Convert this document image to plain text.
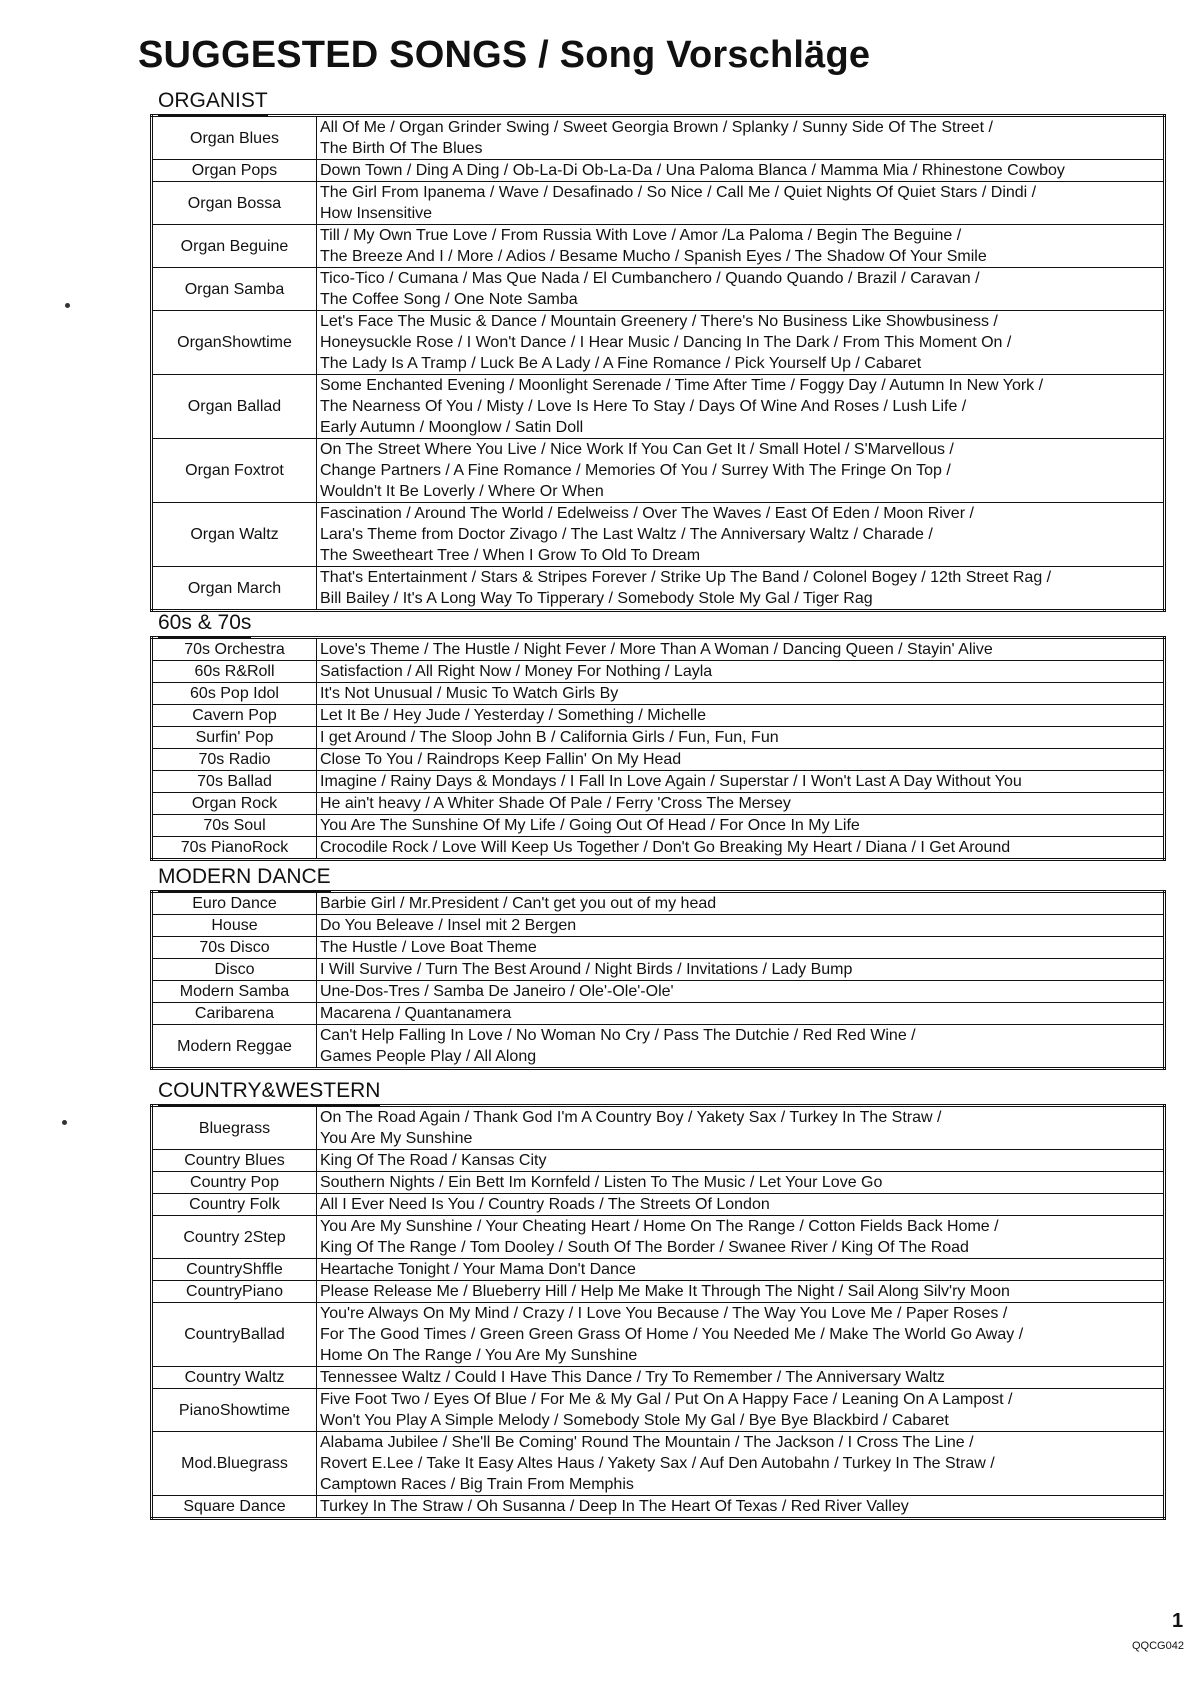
SUGGESTED SONGS / Song Vorschläge
ORGANIST
Organ Blues	All Of Me / Organ Grinder Swing / Sweet Georgia Brown / Splanky / Sunny Side Of The Street /
The Birth Of The Blues

Organ Pops	Down Town / Ding A Ding / Ob-La-Di Ob-La-Da / Una Paloma Blanca / Mamma Mia / Rhinestone Cowboy

Organ Bossa	The Girl From Ipanema / Wave / Desafinado / So Nice / Call Me / Quiet Nights Of Quiet Stars / Dindi /
How Insensitive

Organ Beguine	Till / My Own True Love / From Russia With Love / Amor /La Paloma / Begin The Beguine /
The Breeze And I / More / Adios / Besame Mucho / Spanish Eyes / The Shadow Of Your Smile

Organ Samba	Tico-Tico / Cumana / Mas Que Nada / El Cumbanchero / Quando Quando / Brazil / Caravan /
The Coffee Song / One Note Samba

OrganShowtime	Let's Face The Music & Dance / Mountain Greenery / There's No Business Like Showbusiness /
Honeysuckle Rose / I Won't Dance / I Hear Music / Dancing In The Dark / From This Moment On /
The Lady Is A Tramp / Luck Be A Lady / A Fine Romance / Pick Yourself Up / Cabaret

Organ Ballad	Some Enchanted Evening / Moonlight Serenade / Time After Time / Foggy Day / Autumn In New York /
The Nearness Of You / Misty / Love Is Here To Stay / Days Of Wine And Roses / Lush Life /
Early Autumn / Moonglow / Satin Doll

Organ Foxtrot	On The Street Where You Live / Nice Work If You Can Get It / Small Hotel / S'Marvellous /
Change Partners / A Fine Romance / Memories Of You / Surrey With The Fringe On Top /
Wouldn't It Be Loverly / Where Or When

Organ Waltz	Fascination / Around The World / Edelweiss / Over The Waves / East Of Eden / Moon River /
Lara's Theme from Doctor Zivago / The Last Waltz / The Anniversary Waltz / Charade /
The Sweetheart Tree / When I Grow To Old To Dream

Organ March	That's Entertainment / Stars & Stripes Forever / Strike Up The Band / Colonel Bogey / 12th Street Rag /
Bill Bailey / It's A Long Way To Tipperary / Somebody Stole My Gal / Tiger Rag
60s & 70s
70s Orchestra	Love's Theme / The Hustle / Night Fever / More Than A Woman / Dancing Queen / Stayin' Alive

60s R&Roll	Satisfaction / All Right Now / Money For Nothing / Layla

60s Pop Idol	It's Not Unusual / Music To Watch Girls By

Cavern Pop	Let It Be / Hey Jude / Yesterday / Something / Michelle

Surfin' Pop	I get Around / The Sloop John B / California Girls / Fun, Fun, Fun

70s Radio	Close To You / Raindrops Keep Fallin' On My Head

70s Ballad	Imagine / Rainy Days & Mondays / I Fall In Love Again / Superstar / I Won't Last A Day Without You

Organ Rock	He ain't heavy / A Whiter Shade Of Pale / Ferry 'Cross The Mersey

70s Soul	You Are The Sunshine Of My Life / Going Out Of Head / For Once In My Life

70s PianoRock	Crocodile Rock / Love Will Keep Us Together / Don't Go Breaking My Heart / Diana / I Get Around
MODERN DANCE
Euro Dance	Barbie Girl / Mr.President / Can't get you out of my head

House	Do You Beleave / Insel mit 2 Bergen

70s Disco	The Hustle / Love Boat Theme

Disco	I Will Survive / Turn The Best Around / Night Birds / Invitations / Lady Bump

Modern Samba	Une-Dos-Tres / Samba De Janeiro / Ole'-Ole'-Ole'

Caribarena	Macarena / Quantanamera

Modern Reggae	Can't Help Falling In Love / No Woman No Cry / Pass The Dutchie / Red Red Wine /
Games People Play / All Along
COUNTRY&WESTERN
Bluegrass	On The Road Again / Thank God I'm A Country Boy / Yakety Sax / Turkey In The Straw /
You Are My Sunshine

Country Blues	King Of The Road / Kansas City

Country Pop	Southern Nights / Ein Bett Im Kornfeld / Listen To The Music / Let Your Love Go

Country Folk	All I Ever Need Is You / Country Roads / The Streets Of London

Country 2Step	You Are My Sunshine / Your Cheating Heart / Home On The Range / Cotton Fields Back Home /
King Of The Range / Tom Dooley / South Of The Border / Swanee River / King Of The Road

CountryShffle	Heartache Tonight / Your Mama Don't Dance

CountryPiano	Please Release Me / Blueberry Hill / Help Me Make It Through The Night / Sail Along Silv'ry Moon

CountryBallad	You're Always On My Mind / Crazy / I Love You Because / The Way You Love Me / Paper Roses /
For The Good Times / Green Green Grass Of Home / You Needed Me / Make The World Go Away /
Home On The Range / You Are My Sunshine

Country Waltz	Tennessee Waltz / Could I Have This Dance / Try To Remember / The Anniversary Waltz

PianoShowtime	Five Foot Two / Eyes Of Blue / For Me & My Gal / Put On A Happy Face / Leaning On A Lampost /
Won't You Play A Simple Melody / Somebody Stole My Gal / Bye Bye Blackbird / Cabaret

Mod.Bluegrass	Alabama Jubilee / She'll Be Coming' Round The Mountain / The Jackson / I Cross The Line /
Rovert E.Lee / Take It Easy Altes Haus / Yakety Sax / Auf Den Autobahn / Turkey In The Straw /
Camptown Races / Big Train From Memphis

Square Dance	Turkey In The Straw / Oh Susanna / Deep In The Heart Of Texas / Red River Valley
1
QQCG042
